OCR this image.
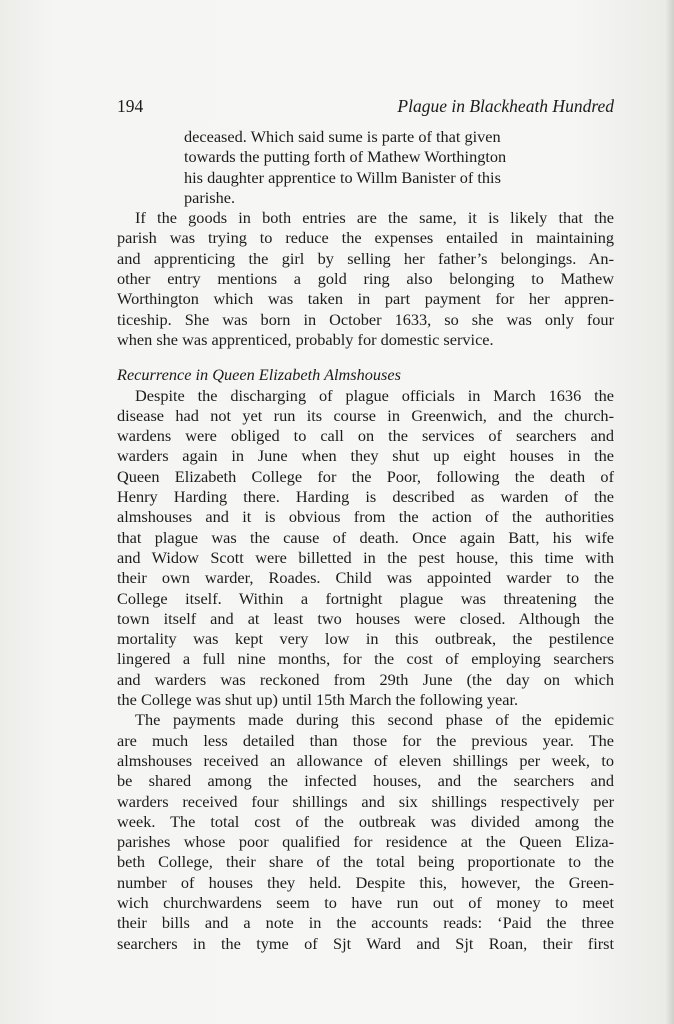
194	Plague in Blackheath Hundred
deceased. Which said sume is parte of that given
towards the putting forth of Mathew Worthington
his daughter apprentice to Willm Banister of this
parishe.
If the goods in both entries are the same, it is likely that the
parish was trying to reduce the expenses entailed in maintaining
and apprenticing the girl by selling her father’s belongings. An-
other entry mentions a gold ring also belonging to Mathew
Worthington which was taken in part payment for her appren-
ticeship. She was born in October 1633, so she was only four
when she was apprenticed, probably for domestic service.
Recurrence in Queen Elizabeth Almshouses
Despite the discharging of plague officials in March 1636 the
disease had not yet run its course in Greenwich, and the church-
wardens were obliged to call on the services of searchers and
warders again in June when they shut up eight houses in the
Queen Elizabeth College for the Poor, following the death of
Henry Harding there. Harding is described as warden of the
almshouses and it is obvious from the action of the authorities
that plague was the cause of death. Once again Batt, his wife
and Widow Scott were billetted in the pest house, this time with
their own warder, Roades. Child was appointed warder to the
College itself. Within a fortnight plague was threatening the
town itself and at least two houses were closed. Although the
mortality was kept very low in this outbreak, the pestilence
lingered a full nine months, for the cost of employing searchers
and warders was reckoned from 29th June (the day on which
the College was shut up) until 15th March the following year.
The payments made during this second phase of the epidemic
are much less detailed than those for the previous year. The
almshouses received an allowance of eleven shillings per week, to
be shared among the infected houses, and the searchers and
warders received four shillings and six shillings respectively per
week. The total cost of the outbreak was divided among the
parishes whose poor qualified for residence at the Queen Eliza-
beth College, their share of the total being proportionate to the
number of houses they held. Despite this, however, the Green-
wich churchwardens seem to have run out of money to meet
their bills and a note in the accounts reads: ‘Paid the three
searchers in the tyme of Sjt Ward and Sjt Roan, their first
